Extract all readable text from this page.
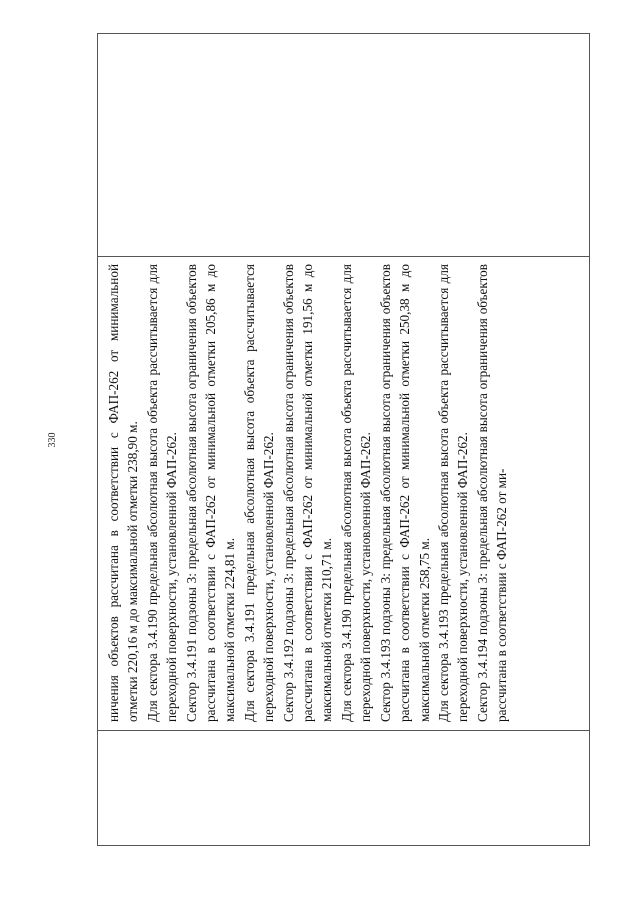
330	ничения объектов рассчитана в соответствии с ФАП-262 от минимальной отметки 220,16 м до максимальной отметки 238,90 м. Для сектора 3.4.190 предельная абсолютная высота объекта рассчитывается для переходной поверхности, установленной ФАП-262. Сектор 3.4.191 подзоны 3: предельная абсолютная высота ограничения объектов рассчитана в соответствии с ФАП-262 от минимальной отметки 205,86 м до максимальной отметки 224,81 м. Для сектора 3.4.191 предельная абсолютная высота объекта рассчитывается переходной поверхности, установленной ФАП-262. Сектор 3.4.192 подзоны 3: предельная абсолютная высота ограничения объектов рассчитана в соответствии с ФАП-262 от минимальной отметки 191,56 м до максимальной отметки 210,71 м. Для сектора 3.4.190 предельная абсолютная высота объекта рассчитывается для переходной поверхности, установленной ФАП-262. Сектор 3.4.193 подзоны 3: предельная абсолютная высота ограничения объектов рассчитана в соответствии с ФАП-262 от минимальной отметки 250,38 м до максимальной отметки 258,75 м. Для сектора 3.4.193 предельная абсолютная высота объекта рассчитывается для переходной поверхности, установленной ФАП-262. Сектор 3.4.194 подзоны 3: предельная абсолютная высота ограничения объектов рассчитана в соответствии с ФАП-262 от ми-
